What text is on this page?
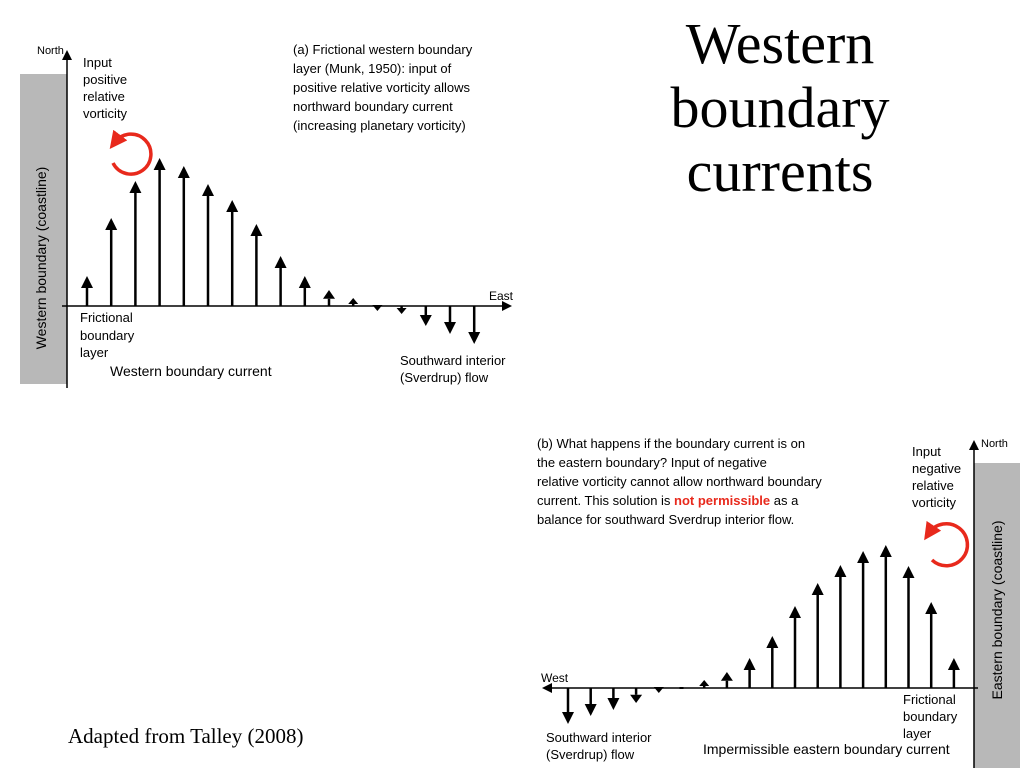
Western
boundary
currents
Adapted from Talley (2008)
North
East
Western boundary (coastline)
Input
positive
relative
vorticity
(a) Frictional western boundary
layer (Munk, 1950): input of
positive relative vorticity allows
northward boundary current
(increasing planetary vorticity)
Frictional
boundary
layer
Western boundary current
Southward interior
(Sverdrup) flow
North
West	Eastern boundary (coastline)
(b) What happens if the boundary current is on
the eastern boundary? Input of negative
relative vorticity cannot allow northward boundary
current. This solution is not permissible as a
balance for southward Sverdrup interior flow.
Input
negative
relative
vorticity
Frictional
boundary
layer
Southward interior
(Sverdrup) flow	Impermissible eastern boundary current
